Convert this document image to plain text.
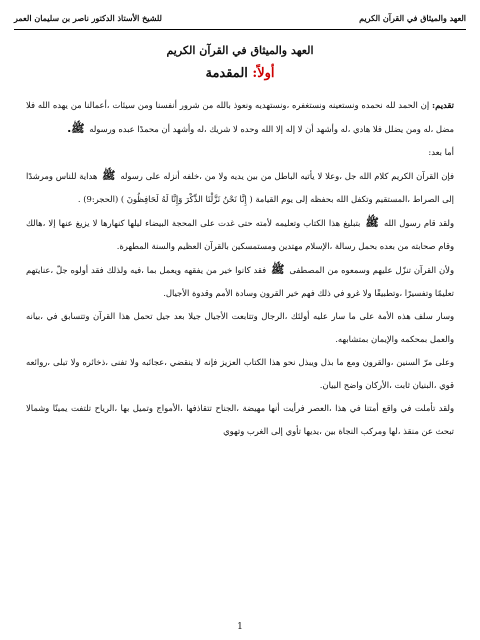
العهد والميثاق في القرآن الكريم
للشيخ الأستاذ الدكتور ناصر بن سليمان العمر
العهد والميثاق في القرآن الكريم
أولاً: المقدمة

تقديم: إن الحمد لله نحمده ونستعينه ونستغفره ،ونستهديه ونعوذ بالله من شرور أنفسنا ومن سيئات ،أعمالنا من يهده الله فلا مضل ،له ومن يضلل فلا هادي ،له وأشهد أن لا إله إلا الله وحده لا شريك ،له وأشهد أن محمدًا عبده ورسوله ﷺ.

أما بعد:

فإن القرآن الكريم كلام الله جل ،وعلا لا يأتيه الباطل من بين يديه ولا من ،خلفه أنزله على رسوله ﷺ هداية للناس ومرشدًا إلى الصراط ،المستقيم وتكفل الله بحفظه إلى يوم القيامة ( إِنَّا نَحْنُ نَزَّلْنَا الذِّكْرَ وَإِنَّا لَهُ لَحَافِظُونَ ) (الحجر:9) .

ولقد قام رسول الله ﷺ بتبليغ هذا الكتاب وتعليمه لأمته حتى غدت على المحجة البيضاء ليلها كنهارها لا يزيغ عنها إلا ،هالك وقام صحابته من بعده بحمل رسالة ،الإسلام مهتدين ومستمسكين بالقرآن العظيم والسنة المطهرة.

ولأن القرآن تنزّل عليهم وسمعوه من المصطفى ﷺ فقد كانوا خير من يفقهه ويعمل بما ،فيه ولذلك فقد أولوه جلّ ،عنايتهم تعليمًا وتفسيرًا ،وتطبيقًا ولا غرو في ذلك فهم خير القرون وسادة الأمم وقدوة الأجيال.

وسار سلف هذه الأمة على ما سار عليه أولئك ،الرجال وتتابعت الأجيال جيلا بعد جيل تحمل هذا القرآن وتتسابق في ،بيانه والعمل بمحكمه والإيمان بمتشابهه.

وعلى مرّ السنين ،والقرون ومع ما بذل ويبذل نحو هذا الكتاب العزيز فإنه لا ينقضي ،عجائبه ولا تفنى ،ذخائره ولا تبلى ،روائعه قوي ،البنيان ثابت ،الأركان واضح البيان.

ولقد تأملت في واقع أمتنا في هذا ،العصر فرأيت أنها مهيضة ،الجناح تتقاذفها ،الأمواج وتميل بها ،الرياح تلتفت يمينًا وشمالا تبحث عن منقذ ،لها ومركب النجاة بين ،يديها تأوي إلى الغرب وتهوي

1
